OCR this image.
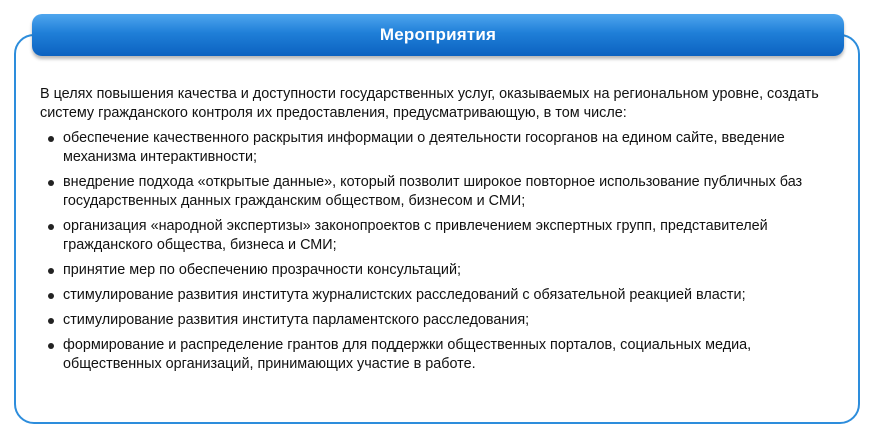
Мероприятия

В целях повышения качества и доступности государственных услуг, оказываемых на региональном уровне, создать систему гражданского контроля их предоставления, предусматривающую, в том числе:

обеспечение качественного раскрытия информации о деятельности госорганов на едином сайте, введение механизма интерактивности;
внедрение подхода «открытые данные», который позволит широкое повторное использование публичных баз государственных данных гражданским обществом, бизнесом и СМИ;
организация «народной экспертизы» законопроектов с привлечением экспертных групп, представителей гражданского общества, бизнеса и СМИ;
принятие мер по обеспечению прозрачности консультаций;
стимулирование развития института журналистских расследований с обязательной реакцией власти;
стимулирование развития института парламентского расследования;
формирование и распределение грантов для поддержки общественных порталов, социальных медиа, общественных организаций, принимающих участие в работе.
